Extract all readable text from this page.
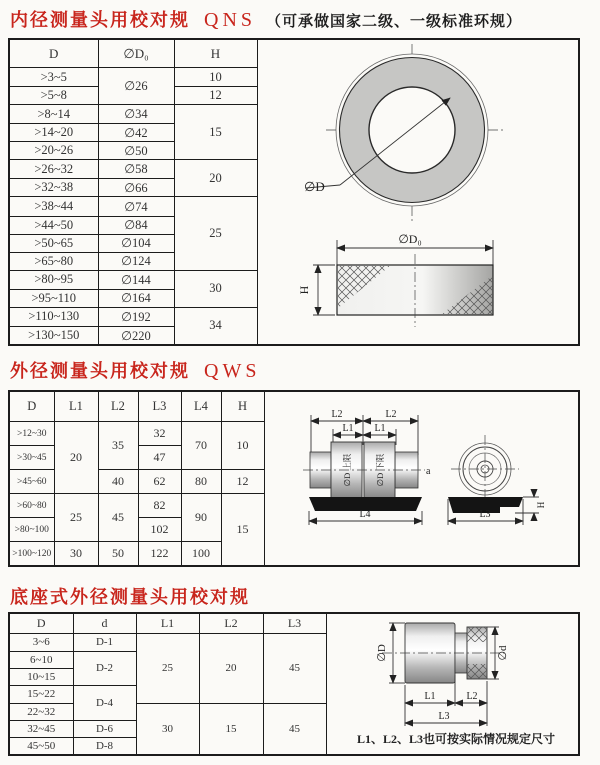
内径测量头用校对规 QNS （可承做国家二级、一级标准环规）
D	∅D₀	H	∅D
∅D₀
H

>3~5	∅26	10	
>5~8		12	
>8~14	∅34	15	
>14~20	∅42		
>20~26	∅50		
>26~32	∅58	20	
>32~38	∅66		
>38~44	∅74	25	
>44~50	∅84		
>50~65	∅104		
>65~80	∅124		
>80~95	∅144	30	
>95~110	∅164		
>110~130	∅192	34	
>130~150	∅220		
外径测量头用校对规 QWS
D	L1	L2	L3	L4	H	
L2	L2
L1 L1
∅D 上限	∅D 下限	a
L4	L3
H

>12~30	20	35	32	70	10	
>30~45			47			
>45~60		40	62	80	12	
>60~80	25	45	82	90	15	
>80~100			102			
>100~120	30	50	122	100		
底座式外径测量头用校对规
D	d	L1	L2	L3	
∅D	∅d
L1	L2
L3
L1、L2、L3也可按实际情况规定尺寸

3~6	D-1	25	20	45	
6~10	D-2				
10~15					
15~22	D-4				
22~32		30	15	45	
32~45	D-6				
45~50	D-8				
